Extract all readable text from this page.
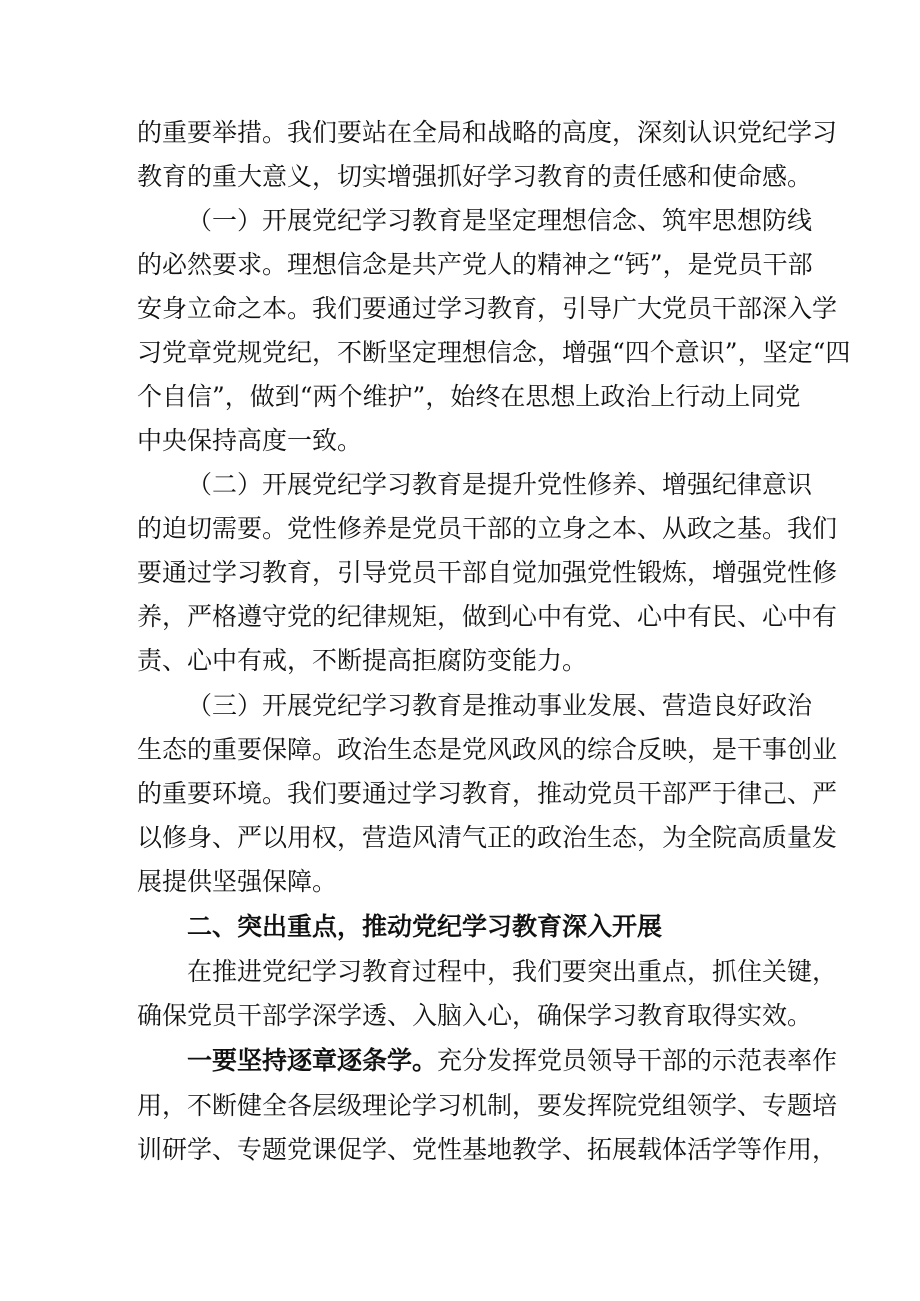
的重要举措。我们要站在全局和战略的高度，深刻认识党纪学习
教育的重大意义，切实增强抓好学习教育的责任感和使命感。
（一）开展党纪学习教育是坚定理想信念、筑牢思想防线
的必然要求。理想信念是共产党人的精神之“钙”，是党员干部
安身立命之本。我们要通过学习教育，引导广大党员干部深入学
习党章党规党纪，不断坚定理想信念，增强“四个意识”，坚定“四
个自信”，做到“两个维护”，始终在思想上政治上行动上同党
中央保持高度一致。
（二）开展党纪学习教育是提升党性修养、增强纪律意识
的迫切需要。党性修养是党员干部的立身之本、从政之基。我们
要通过学习教育，引导党员干部自觉加强党性锻炼，增强党性修
养，严格遵守党的纪律规矩，做到心中有党、心中有民、心中有
责、心中有戒，不断提高拒腐防变能力。
（三）开展党纪学习教育是推动事业发展、营造良好政治
生态的重要保障。政治生态是党风政风的综合反映，是干事创业
的重要环境。我们要通过学习教育，推动党员干部严于律己、严
以修身、严以用权，营造风清气正的政治生态，为全院高质量发
展提供坚强保障。
二、突出重点，推动党纪学习教育深入开展
在推进党纪学习教育过程中，我们要突出重点，抓住关键，
确保党员干部学深学透、入脑入心，确保学习教育取得实效。
一要坚持逐章逐条学。充分发挥党员领导干部的示范表率作
用，不断健全各层级理论学习机制，要发挥院党组领学、专题培
训研学、专题党课促学、党性基地教学、拓展载体活学等作用，
